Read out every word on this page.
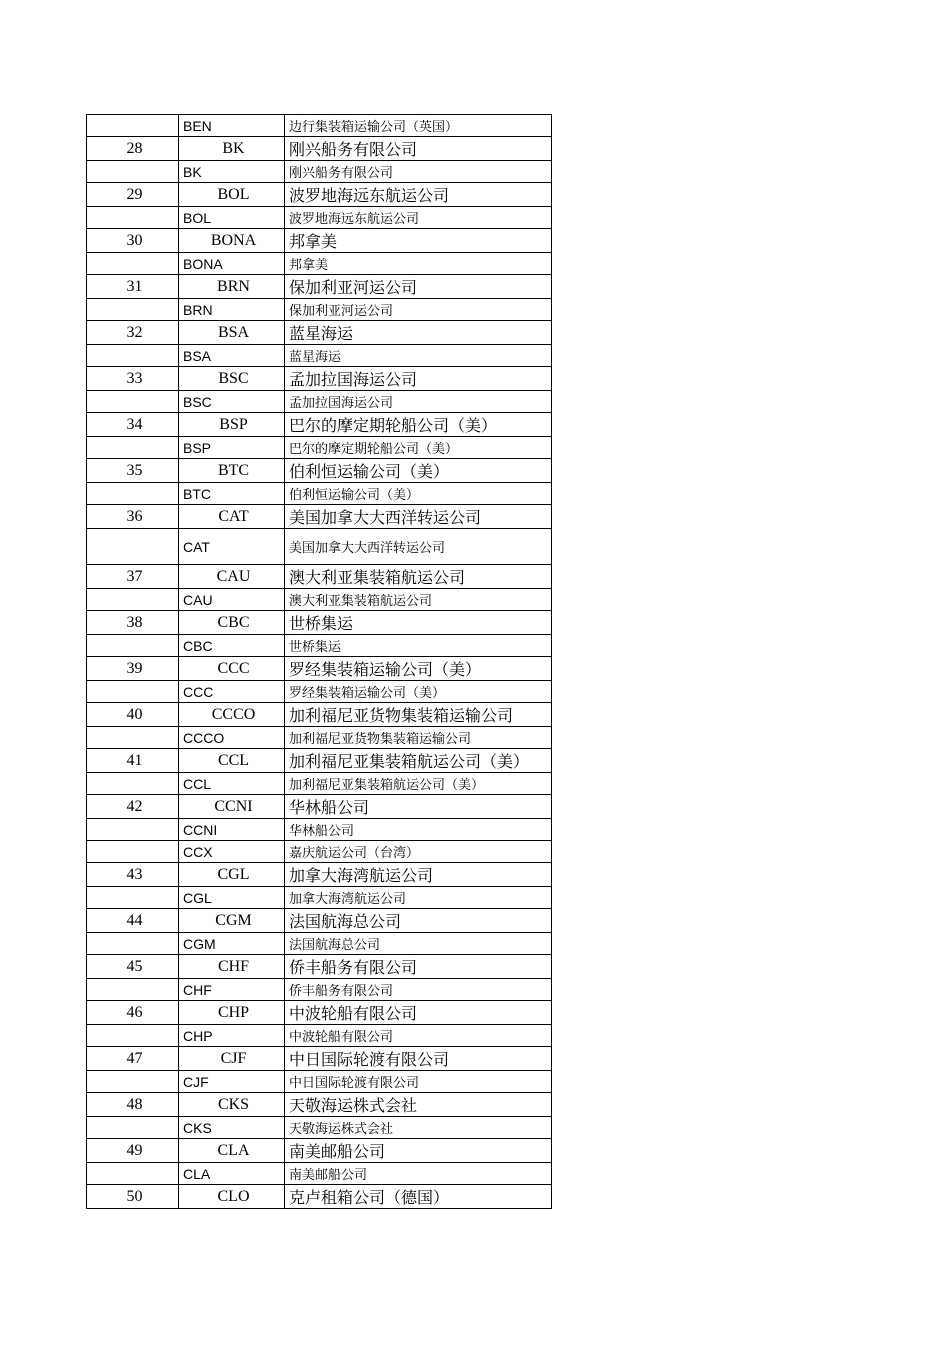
	BEN	边行集装箱运输公司（英国）
28	BK	刚兴船务有限公司
	BK	刚兴船务有限公司
29	BOL	波罗地海远东航运公司
	BOL	波罗地海远东航运公司
30	BONA	邦拿美
	BONA	邦拿美
31	BRN	保加利亚河运公司
	BRN	保加利亚河运公司
32	BSA	蓝星海运
	BSA	蓝星海运
33	BSC	孟加拉国海运公司
	BSC	孟加拉国海运公司
34	BSP	巴尔的摩定期轮船公司（美）
	BSP	巴尔的摩定期轮船公司（美）
35	BTC	伯利恒运输公司（美）
	BTC	伯利恒运输公司（美）
36	CAT	美国加拿大大西洋转运公司
	CAT	美国加拿大大西洋转运公司
37	CAU	澳大利亚集装箱航运公司
	CAU	澳大利亚集装箱航运公司
38	CBC	世桥集运
	CBC	世桥集运
39	CCC	罗经集装箱运输公司（美）
	CCC	罗经集装箱运输公司（美）
40	CCCO	加利福尼亚货物集装箱运输公司
	CCCO	加利福尼亚货物集装箱运输公司
41	CCL	加利福尼亚集装箱航运公司（美）
	CCL	加利福尼亚集装箱航运公司（美）
42	CCNI	华林船公司
	CCNI	华林船公司
	CCX	嘉庆航运公司（台湾）
43	CGL	加拿大海湾航运公司
	CGL	加拿大海湾航运公司
44	CGM	法国航海总公司
	CGM	法国航海总公司
45	CHF	侨丰船务有限公司
	CHF	侨丰船务有限公司
46	CHP	中波轮船有限公司
	CHP	中波轮船有限公司
47	CJF	中日国际轮渡有限公司
	CJF	中日国际轮渡有限公司
48	CKS	天敬海运株式会社
	CKS	天敬海运株式会社
49	CLA	南美邮船公司
	CLA	南美邮船公司
50	CLO	克卢租箱公司（德国）
